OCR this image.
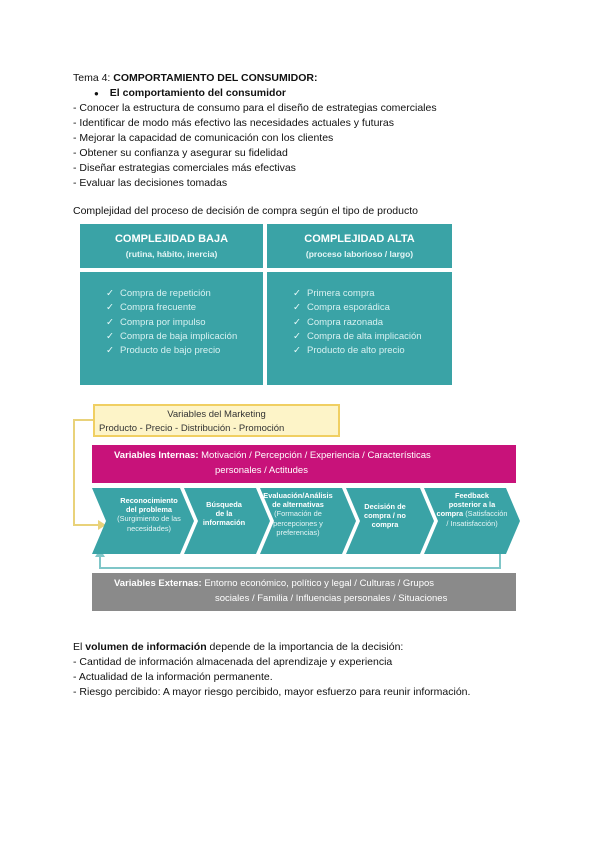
Tema 4: COMPORTAMIENTO DEL CONSUMIDOR:
● El comportamiento del consumidor
- Conocer la estructura de consumo para el diseño de estrategias comerciales
- Identificar de modo más efectivo las necesidades actuales y futuras
- Mejorar la capacidad de comunicación con los clientes
- Obtener su confianza y asegurar su fidelidad
- Diseñar estrategias comerciales más efectivas
- Evaluar las decisiones tomadas
Complejidad del proceso de decisión de compra según el tipo de producto
COMPLEJIDAD BAJA
(rutina, hábito, inercia)
COMPLEJIDAD ALTA
(proceso laborioso / largo)
✓ Compra de repetición
✓ Compra frecuente
✓ Compra por impulso
✓ Compra de baja implicación
✓ Producto de bajo precio
✓ Primera compra
✓ Compra esporádica
✓ Compra razonada
✓ Compra de alta implicación
✓ Producto de alto precio
Variables del Marketing
Producto - Precio - Distribución - Promoción
Variables Internas: Motivación / Percepción / Experiencia / Características
personales / Actitudes
Reconocimiento
del problema
(Surgimiento de las
necesidades)
Búsqueda
de la
información
Evaluación/Análisis
de alternativas
(Formación de
percepciones y
preferencias)
Decisión de
compra / no
compra
Feedback
posterior a la
compra (Satisfacción
/ Insatisfacción)
Variables Externas: Entorno económico, político y legal / Culturas / Grupos
sociales / Familia / Influencias personales / Situaciones
El volumen de información depende de la importancia de la decisión:
- Cantidad de información almacenada del aprendizaje y experiencia
- Actualidad de la información permanente.
- Riesgo percibido: A mayor riesgo percibido, mayor esfuerzo para reunir información.
